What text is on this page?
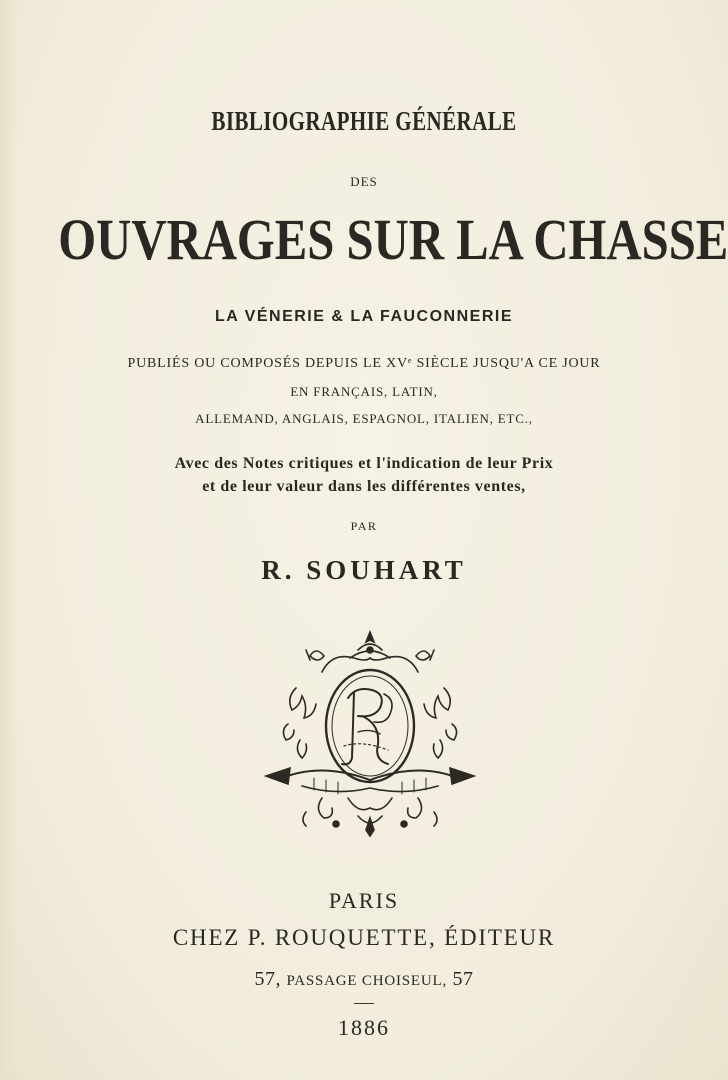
BIBLIOGRAPHIE GÉNÉRALE
DES
OUVRAGES SUR LA CHASSE
LA VÉNERIE & LA FAUCONNERIE
PUBLIÉS OU COMPOSÉS DEPUIS LE XVᵉ SIÈCLE JUSQU'A CE JOUR
EN FRANÇAIS, LATIN,
ALLEMAND, ANGLAIS, ESPAGNOL, ITALIEN, ETC.,
Avec des Notes critiques et l'indication de leur Prix
et de leur valeur dans les différentes ventes,
PAR
R. SOUHART
PARIS
CHEZ P. ROUQUETTE, ÉDITEUR
57, PASSAGE CHOISEUL, 57
1886
